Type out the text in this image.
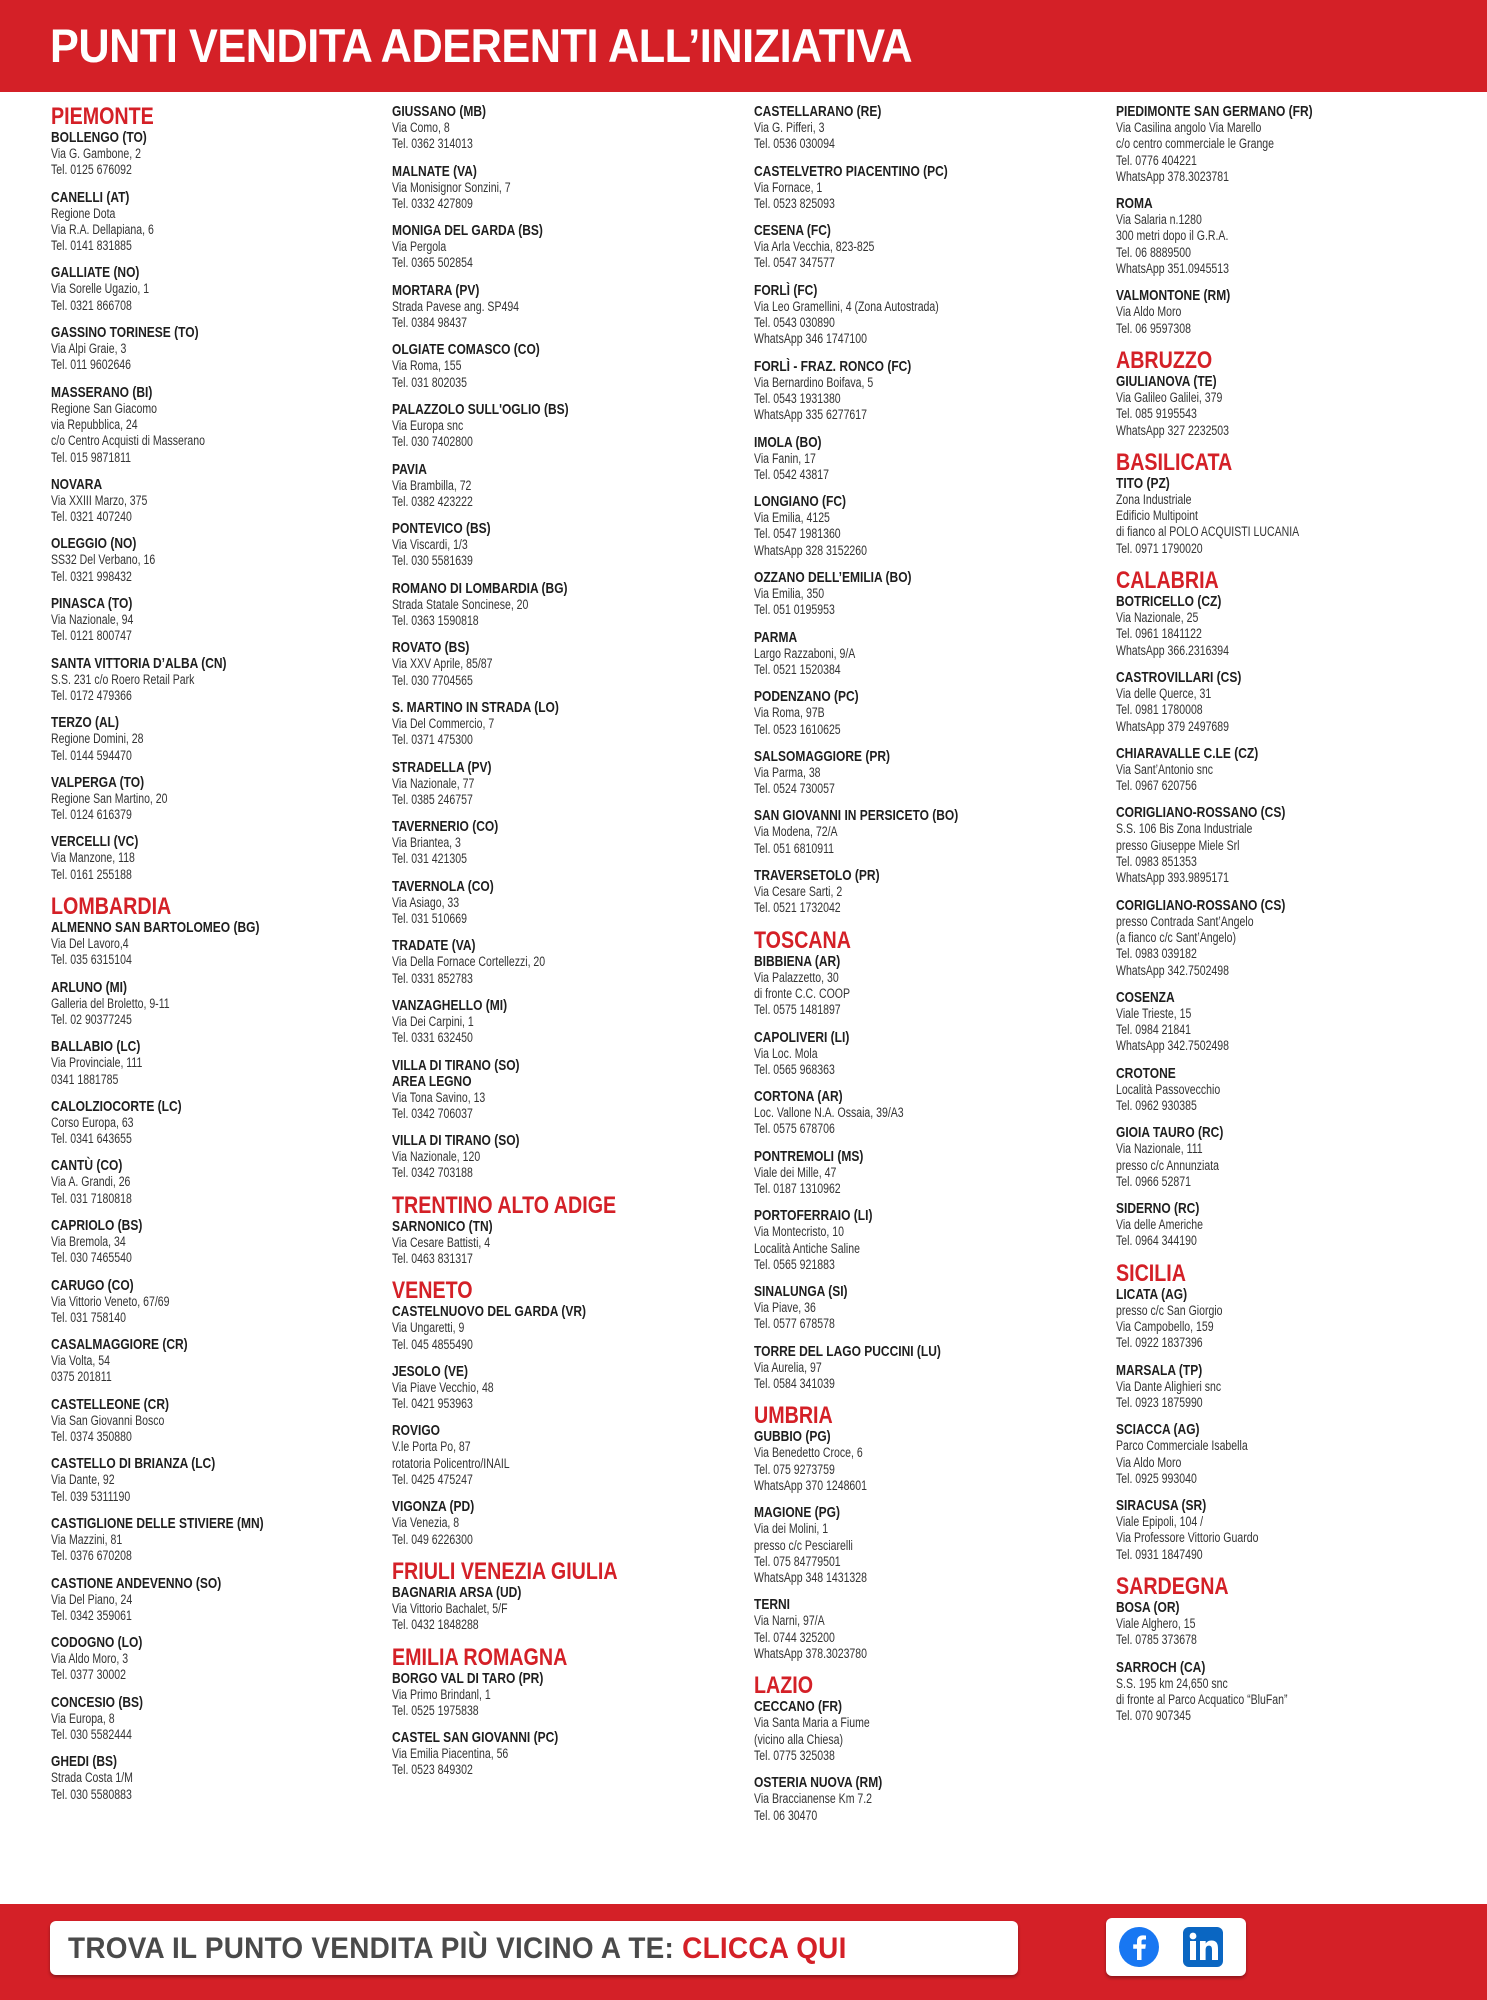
PUNTI VENDITA ADERENTI ALL’INIZIATIVA
PIEMONTE
BOLLENGO (TO)
Via G. Gambone, 2
Tel. 0125 676092
CANELLI (AT)
Regione Dota
Via R.A. Dellapiana, 6
Tel. 0141 831885
GALLIATE (NO)
Via Sorelle Ugazio, 1
Tel. 0321 866708
GASSINO TORINESE (TO)
Via Alpi Graie, 3
Tel. 011 9602646
MASSERANO (BI)
Regione San Giacomo
via Repubblica, 24
c/o Centro Acquisti di Masserano
Tel. 015 9871811
NOVARA
Via XXIII Marzo, 375
Tel. 0321 407240
OLEGGIO (NO)
SS32 Del Verbano, 16
Tel. 0321 998432
PINASCA (TO)
Via Nazionale, 94
Tel. 0121 800747
SANTA VITTORIA D’ALBA (CN)
S.S. 231 c/o Roero Retail Park
Tel. 0172 479366
TERZO (AL)
Regione Domini, 28
Tel. 0144 594470
VALPERGA (TO)
Regione San Martino, 20
Tel. 0124 616379
VERCELLI (VC)
Via Manzone, 118
Tel. 0161 255188
LOMBARDIA
ALMENNO SAN BARTOLOMEO (BG)
Via Del Lavoro,4
Tel. 035 6315104
ARLUNO (MI)
Galleria del Broletto, 9-11
Tel. 02 90377245
BALLABIO (LC)
Via Provinciale, 111
0341 1881785
CALOLZIOCORTE (LC)
Corso Europa, 63
Tel. 0341 643655
CANTÙ (CO)
Via A. Grandi, 26
Tel. 031 7180818
CAPRIOLO (BS)
Via Bremola, 34
Tel. 030 7465540
CARUGO (CO)
Via Vittorio Veneto, 67/69
Tel. 031 758140
CASALMAGGIORE (CR)
Via Volta, 54
0375 201811
CASTELLEONE (CR)
Via San Giovanni Bosco
Tel. 0374 350880
CASTELLO DI BRIANZA (LC)
Via Dante, 92
Tel. 039 5311190
CASTIGLIONE DELLE STIVIERE (MN)
Via Mazzini, 81
Tel. 0376 670208
CASTIONE ANDEVENNO (SO)
Via Del Piano, 24
Tel. 0342 359061
CODOGNO (LO)
Via Aldo Moro, 3
Tel. 0377 30002
CONCESIO (BS)
Via Europa, 8
Tel. 030 5582444
GHEDI (BS)
Strada Costa 1/M
Tel. 030 5580883
GIUSSANO (MB)
Via Como, 8
Tel. 0362 314013
MALNATE (VA)
Via Monisignor Sonzini, 7
Tel. 0332 427809
MONIGA DEL GARDA (BS)
Via Pergola
Tel. 0365 502854
MORTARA (PV)
Strada Pavese ang. SP494
Tel. 0384 98437
OLGIATE COMASCO (CO)
Via Roma, 155
Tel. 031 802035
PALAZZOLO SULL'OGLIO (BS)
Via Europa snc
Tel. 030 7402800
PAVIA
Via Brambilla, 72
Tel. 0382 423222
PONTEVICO (BS)
Via Viscardi, 1/3
Tel. 030 5581639
ROMANO DI LOMBARDIA (BG)
Strada Statale Soncinese, 20
Tel. 0363 1590818
ROVATO (BS)
Via XXV Aprile, 85/87
Tel. 030 7704565
S. MARTINO IN STRADA (LO)
Via Del Commercio, 7
Tel. 0371 475300
STRADELLA (PV)
Via Nazionale, 77
Tel. 0385 246757
TAVERNERIO (CO)
Via Briantea, 3
Tel. 031 421305
TAVERNOLA (CO)
Via Asiago, 33
Tel. 031 510669
TRADATE (VA)
Via Della Fornace Cortellezzi, 20
Tel. 0331 852783
VANZAGHELLO (MI)
Via Dei Carpini, 1
Tel. 0331 632450
VILLA DI TIRANO (SO)
AREA LEGNO
Via Tona Savino, 13
Tel. 0342 706037
VILLA DI TIRANO (SO)
Via Nazionale, 120
Tel. 0342 703188
TRENTINO ALTO ADIGE
SARNONICO (TN)
Via Cesare Battisti, 4
Tel. 0463 831317
VENETO
CASTELNUOVO DEL GARDA (VR)
Via Ungaretti, 9
Tel. 045 4855490
JESOLO (VE)
Via Piave Vecchio, 48
Tel. 0421 953963
ROVIGO
V.le Porta Po, 87
rotatoria Policentro/INAIL
Tel. 0425 475247
VIGONZA (PD)
Via Venezia, 8
Tel. 049 6226300
FRIULI VENEZIA GIULIA
BAGNARIA ARSA (UD)
Via Vittorio Bachalet, 5/F
Tel. 0432 1848288
EMILIA ROMAGNA
BORGO VAL DI TARO (PR)
Via Primo Brindanl, 1
Tel. 0525 1975838
CASTEL SAN GIOVANNI (PC)
Via Emilia Piacentina, 56
Tel. 0523 849302
CASTELLARANO (RE)
Via G. Pifferi, 3
Tel. 0536 030094
CASTELVETRO PIACENTINO (PC)
Via Fornace, 1
Tel. 0523 825093
CESENA (FC)
Via Arla Vecchia, 823-825
Tel. 0547 347577
FORLÌ (FC)
Via Leo Gramellini, 4 (Zona Autostrada)
Tel. 0543 030890
WhatsApp 346 1747100
FORLÌ - FRAZ. RONCO (FC)
Via Bernardino Boifava, 5
Tel. 0543 1931380
WhatsApp 335 6277617
IMOLA (BO)
Via Fanin, 17
Tel. 0542 43817
LONGIANO (FC)
Via Emilia, 4125
Tel. 0547 1981360
WhatsApp 328 3152260
OZZANO DELL’EMILIA (BO)
Via Emilia, 350
Tel. 051 0195953
PARMA
Largo Razzaboni, 9/A
Tel. 0521 1520384
PODENZANO (PC)
Via Roma, 97B
Tel. 0523 1610625
SALSOMAGGIORE (PR)
Via Parma, 38
Tel. 0524 730057
SAN GIOVANNI IN PERSICETO (BO)
Via Modena, 72/A
Tel. 051 6810911
TRAVERSETOLO (PR)
Via Cesare Sarti, 2
Tel. 0521 1732042
TOSCANA
BIBBIENA (AR)
Via Palazzetto, 30
di fronte C.C. COOP
Tel. 0575 1481897
CAPOLIVERI (LI)
Via Loc. Mola
Tel. 0565 968363
CORTONA (AR)
Loc. Vallone N.A. Ossaia, 39/A3
Tel. 0575 678706
PONTREMOLI (MS)
Viale dei Mille, 47
Tel. 0187 1310962
PORTOFERRAIO (LI)
Via Montecristo, 10
Località Antiche Saline
Tel. 0565 921883
SINALUNGA (SI)
Via Piave, 36
Tel. 0577 678578
TORRE DEL LAGO PUCCINI (LU)
Via Aurelia, 97
Tel. 0584 341039
UMBRIA
GUBBIO (PG)
Via Benedetto Croce, 6
Tel. 075 9273759
WhatsApp 370 1248601
MAGIONE (PG)
Via dei Molini, 1
presso c/c Pesciarelli
Tel. 075 84779501
WhatsApp 348 1431328
TERNI
Via Narni, 97/A
Tel. 0744 325200
WhatsApp 378.3023780
LAZIO
CECCANO (FR)
Via Santa Maria a Fiume
(vicino alla Chiesa)
Tel. 0775 325038
OSTERIA NUOVA (RM)
Via Braccianense Km 7.2
Tel. 06 30470
PIEDIMONTE SAN GERMANO (FR)
Via Casilina angolo Via Marello
c/o centro commerciale le Grange
Tel. 0776 404221
WhatsApp 378.3023781
ROMA
Via Salaria n.1280
300 metri dopo il G.R.A.
Tel. 06 8889500
WhatsApp 351.0945513
VALMONTONE (RM)
Via Aldo Moro
Tel. 06 9597308
ABRUZZO
GIULIANOVA (TE)
Via Galileo Galilei, 379
Tel. 085 9195543
WhatsApp 327 2232503
BASILICATA
TITO (PZ)
Zona Industriale
Edificio Multipoint
di fianco al POLO ACQUISTI LUCANIA
Tel. 0971 1790020
CALABRIA
BOTRICELLO (CZ)
Via Nazionale, 25
Tel. 0961 1841122
WhatsApp 366.2316394
CASTROVILLARI (CS)
Via delle Querce, 31
Tel. 0981 1780008
WhatsApp 379 2497689
CHIARAVALLE C.LE (CZ)
Via Sant’Antonio snc
Tel. 0967 620756
CORIGLIANO-ROSSANO (CS)
S.S. 106 Bis Zona Industriale
presso Giuseppe Miele Srl
Tel. 0983 851353
WhatsApp 393.9895171
CORIGLIANO-ROSSANO (CS)
presso Contrada Sant’Angelo
(a fianco c/c Sant’Angelo)
Tel. 0983 039182
WhatsApp 342.7502498
COSENZA
Viale Trieste, 15
Tel. 0984 21841
WhatsApp 342.7502498
CROTONE
Località Passovecchio
Tel. 0962 930385
GIOIA TAURO (RC)
Via Nazionale, 111
presso c/c Annunziata
Tel. 0966 52871
SIDERNO (RC)
Via delle Americhe
Tel. 0964 344190
SICILIA
LICATA (AG)
presso c/c San Giorgio
Via Campobello, 159
Tel. 0922 1837396
MARSALA (TP)
Via Dante Alighieri snc
Tel. 0923 1875990
SCIACCA (AG)
Parco Commerciale Isabella
Via Aldo Moro
Tel. 0925 993040
SIRACUSA (SR)
Viale Epipoli, 104 /
Via Professore Vittorio Guardo
Tel. 0931 1847490
SARDEGNA
BOSA (OR)
Viale Alghero, 15
Tel. 0785 373678
SARROCH (CA)
S.S. 195 km 24,650 snc
di fronte al Parco Acquatico “BluFan”
Tel. 070 907345
TROVA IL PUNTO VENDITA PIÙ VICINO A TE: CLICCA QUI
